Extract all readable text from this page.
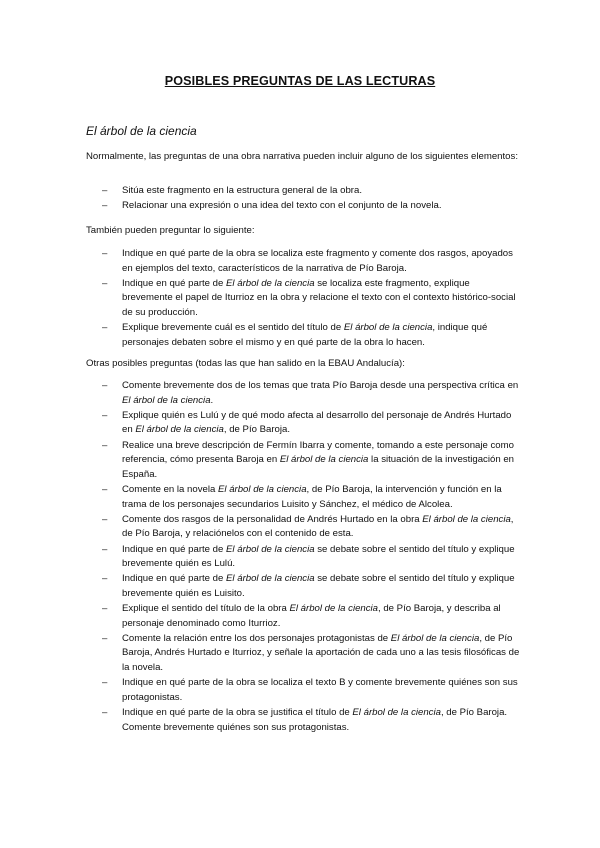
POSIBLES PREGUNTAS DE LAS LECTURAS
El árbol de la ciencia
Normalmente, las preguntas de una obra narrativa pueden incluir alguno de los siguientes elementos:
– Sitúa este fragmento en la estructura general de la obra.
– Relacionar una expresión o una idea del texto con el conjunto de la novela.
También pueden preguntar lo siguiente:
– Indique en qué parte de la obra se localiza este fragmento y comente dos rasgos, apoyados en ejemplos del texto, característicos de la narrativa de Pío Baroja.
– Indique en qué parte de El árbol de la ciencia se localiza este fragmento, explique brevemente el papel de Iturrioz en la obra y relacione el texto con el contexto histórico-social de su producción.
– Explique brevemente cuál es el sentido del título de El árbol de la ciencia, indique qué personajes debaten sobre el mismo y en qué parte de la obra lo hacen.
Otras posibles preguntas (todas las que han salido en la EBAU Andalucía):
– Comente brevemente dos de los temas que trata Pío Baroja desde una perspectiva crítica en El árbol de la ciencia.
– Explique quién es Lulú y de qué modo afecta al desarrollo del personaje de Andrés Hurtado en El árbol de la ciencia, de Pío Baroja.
– Realice una breve descripción de Fermín Ibarra y comente, tomando a este personaje como referencia, cómo presenta Baroja en El árbol de la ciencia la situación de la investigación en España.
– Comente en la novela El árbol de la ciencia, de Pío Baroja, la intervención y función en la trama de los personajes secundarios Luisito y Sánchez, el médico de Alcolea.
– Comente dos rasgos de la personalidad de Andrés Hurtado en la obra El árbol de la ciencia, de Pío Baroja, y relaciónelos con el contenido de esta.
– Indique en qué parte de El árbol de la ciencia se debate sobre el sentido del título y explique brevemente quién es Lulú.
– Indique en qué parte de El árbol de la ciencia se debate sobre el sentido del título y explique brevemente quién es Luisito.
– Explique el sentido del título de la obra El árbol de la ciencia, de Pío Baroja, y describa al personaje denominado como Iturrioz.
– Comente la relación entre los dos personajes protagonistas de El árbol de la ciencia, de Pío Baroja, Andrés Hurtado e Iturrioz, y señale la aportación de cada uno a las tesis filosóficas de la novela.
– Indique en qué parte de la obra se localiza el texto B y comente brevemente quiénes son sus protagonistas.
– Indique en qué parte de la obra se justifica el título de El árbol de la ciencia, de Pío Baroja. Comente brevemente quiénes son sus protagonistas.
